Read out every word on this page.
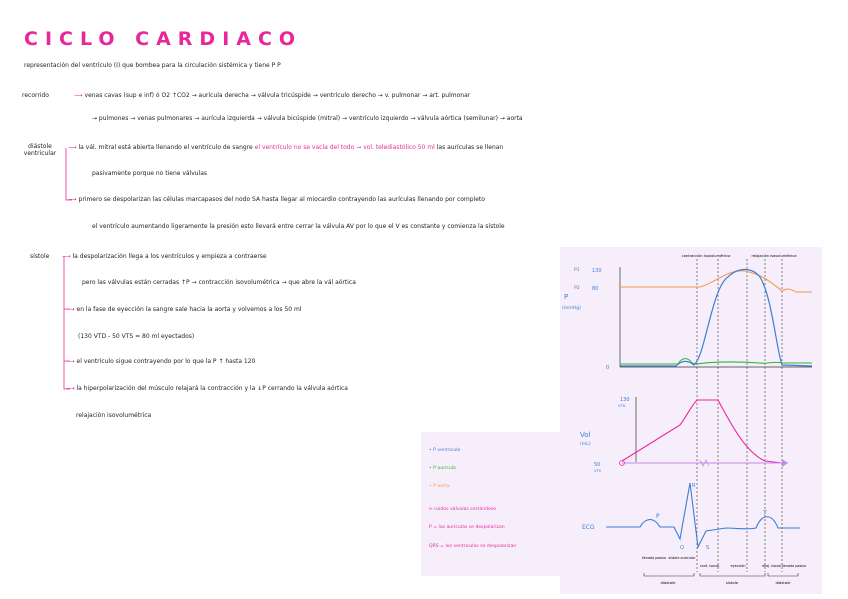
CICLO CARDIACO
representación del ventrículo (I) que bombea para la circulación sistémica y tiene P P
recorrido	⟶ venas cavas (sup e inf) ó O2 ↑CO2 → aurícula derecha → válvula tricúspide → ventrículo derecho → v. pulmonar → art. pulmonar
→ pulmones → venas pulmonares → aurícula izquierda → válvula bicúspide (mitral) → ventrículo izquierdo → válvula aórtica (semilunar) → aorta
diástole ventricular
⟶ la vál. mitral está abierta llenando el ventrículo de sangre el ventrículo no se vacía del todo → vol. telediastólico 50 ml las aurículas se llenan
pasivamente porque no tiene válvulas
⟶ primero se despolarizan las células marcapasos del nodo SA hasta llegar al miocardio contrayendo las aurículas llenando por completo
el ventrículo aumentando ligeramente la presión esto llevará entre cerrar la válvula AV por lo que el V es constante y comienza la sístole
sístole ⟶ la despolarización llega a los ventrículos y empieza a contraerse
pero las válvulas están cerradas ↑P → contracción isovolumétrica → que abre la vál aórtica
⟶ en la fase de eyección la sangre sale hacia la aorta y volvemos a los 50 ml
(130 VTD - 50 VTS = 80 ml eyectados)
⟶ el ventrículo sigue contrayendo por lo que la P ↑ hasta 120
⟶ la hiperpolarización del músculo relajará la contracción y la ↓P cerrando la válvula aórtica
relajación isovolumétrica
• P ventrículo
• P aurícula
• P aorta
⊳ ruidos válvulas cerrándose
P = las aurículas se despolarizan
QRS = los ventrículos se despolarizan
contracción isovolumétrica	relajación isovolumétrica
P
(mmHg)
130
80
0
P1
P2
Vol
(mL)
130
VTD
50
VTS
ECG
P
Q
R
S
T
llenado pasivo sístole auricular
cont. isovol.	eyección	relaj. isovol. llenado pasivo
diástole	sístole	diástole
